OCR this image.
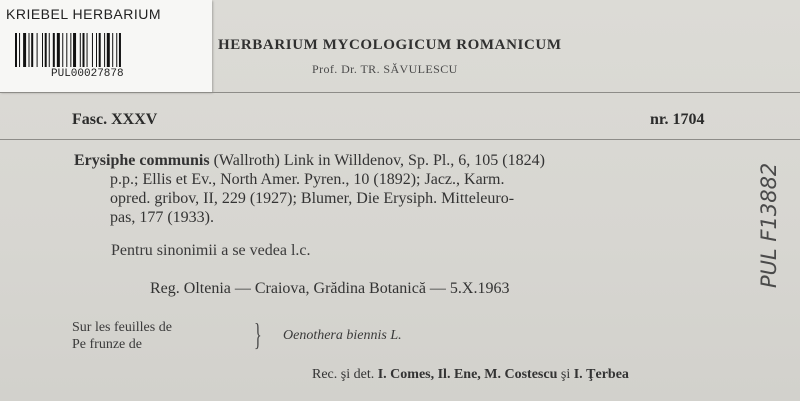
KRIEBEL HERBARIUM
PUL00027878
HERBARIUM MYCOLOGICUM ROMANICUM
Prof. Dr. TR. SĂVULESCU
Fasc. XXXV	nr. 1704
Erysiphe communis (Wallroth) Link in Willdenov, Sp. Pl., 6, 105 (1824)
p.p.; Ellis et Ev., North Amer. Pyren., 10 (1892); Jacz., Karm.
opred. gribov, II, 229 (1927); Blumer, Die Erysiph. Mitteleuro-
pas, 177 (1933).
Pentru sinonimii a se vedea l.c.
Reg. Oltenia — Craiova, Grădina Botanică — 5.X.1963
Sur les feuilles de
Pe frunze de	} Oenothera biennis L.
Rec. şi det. I. Comes, Il. Ene, M. Costescu şi I. Ţerbea
PUL F13882
